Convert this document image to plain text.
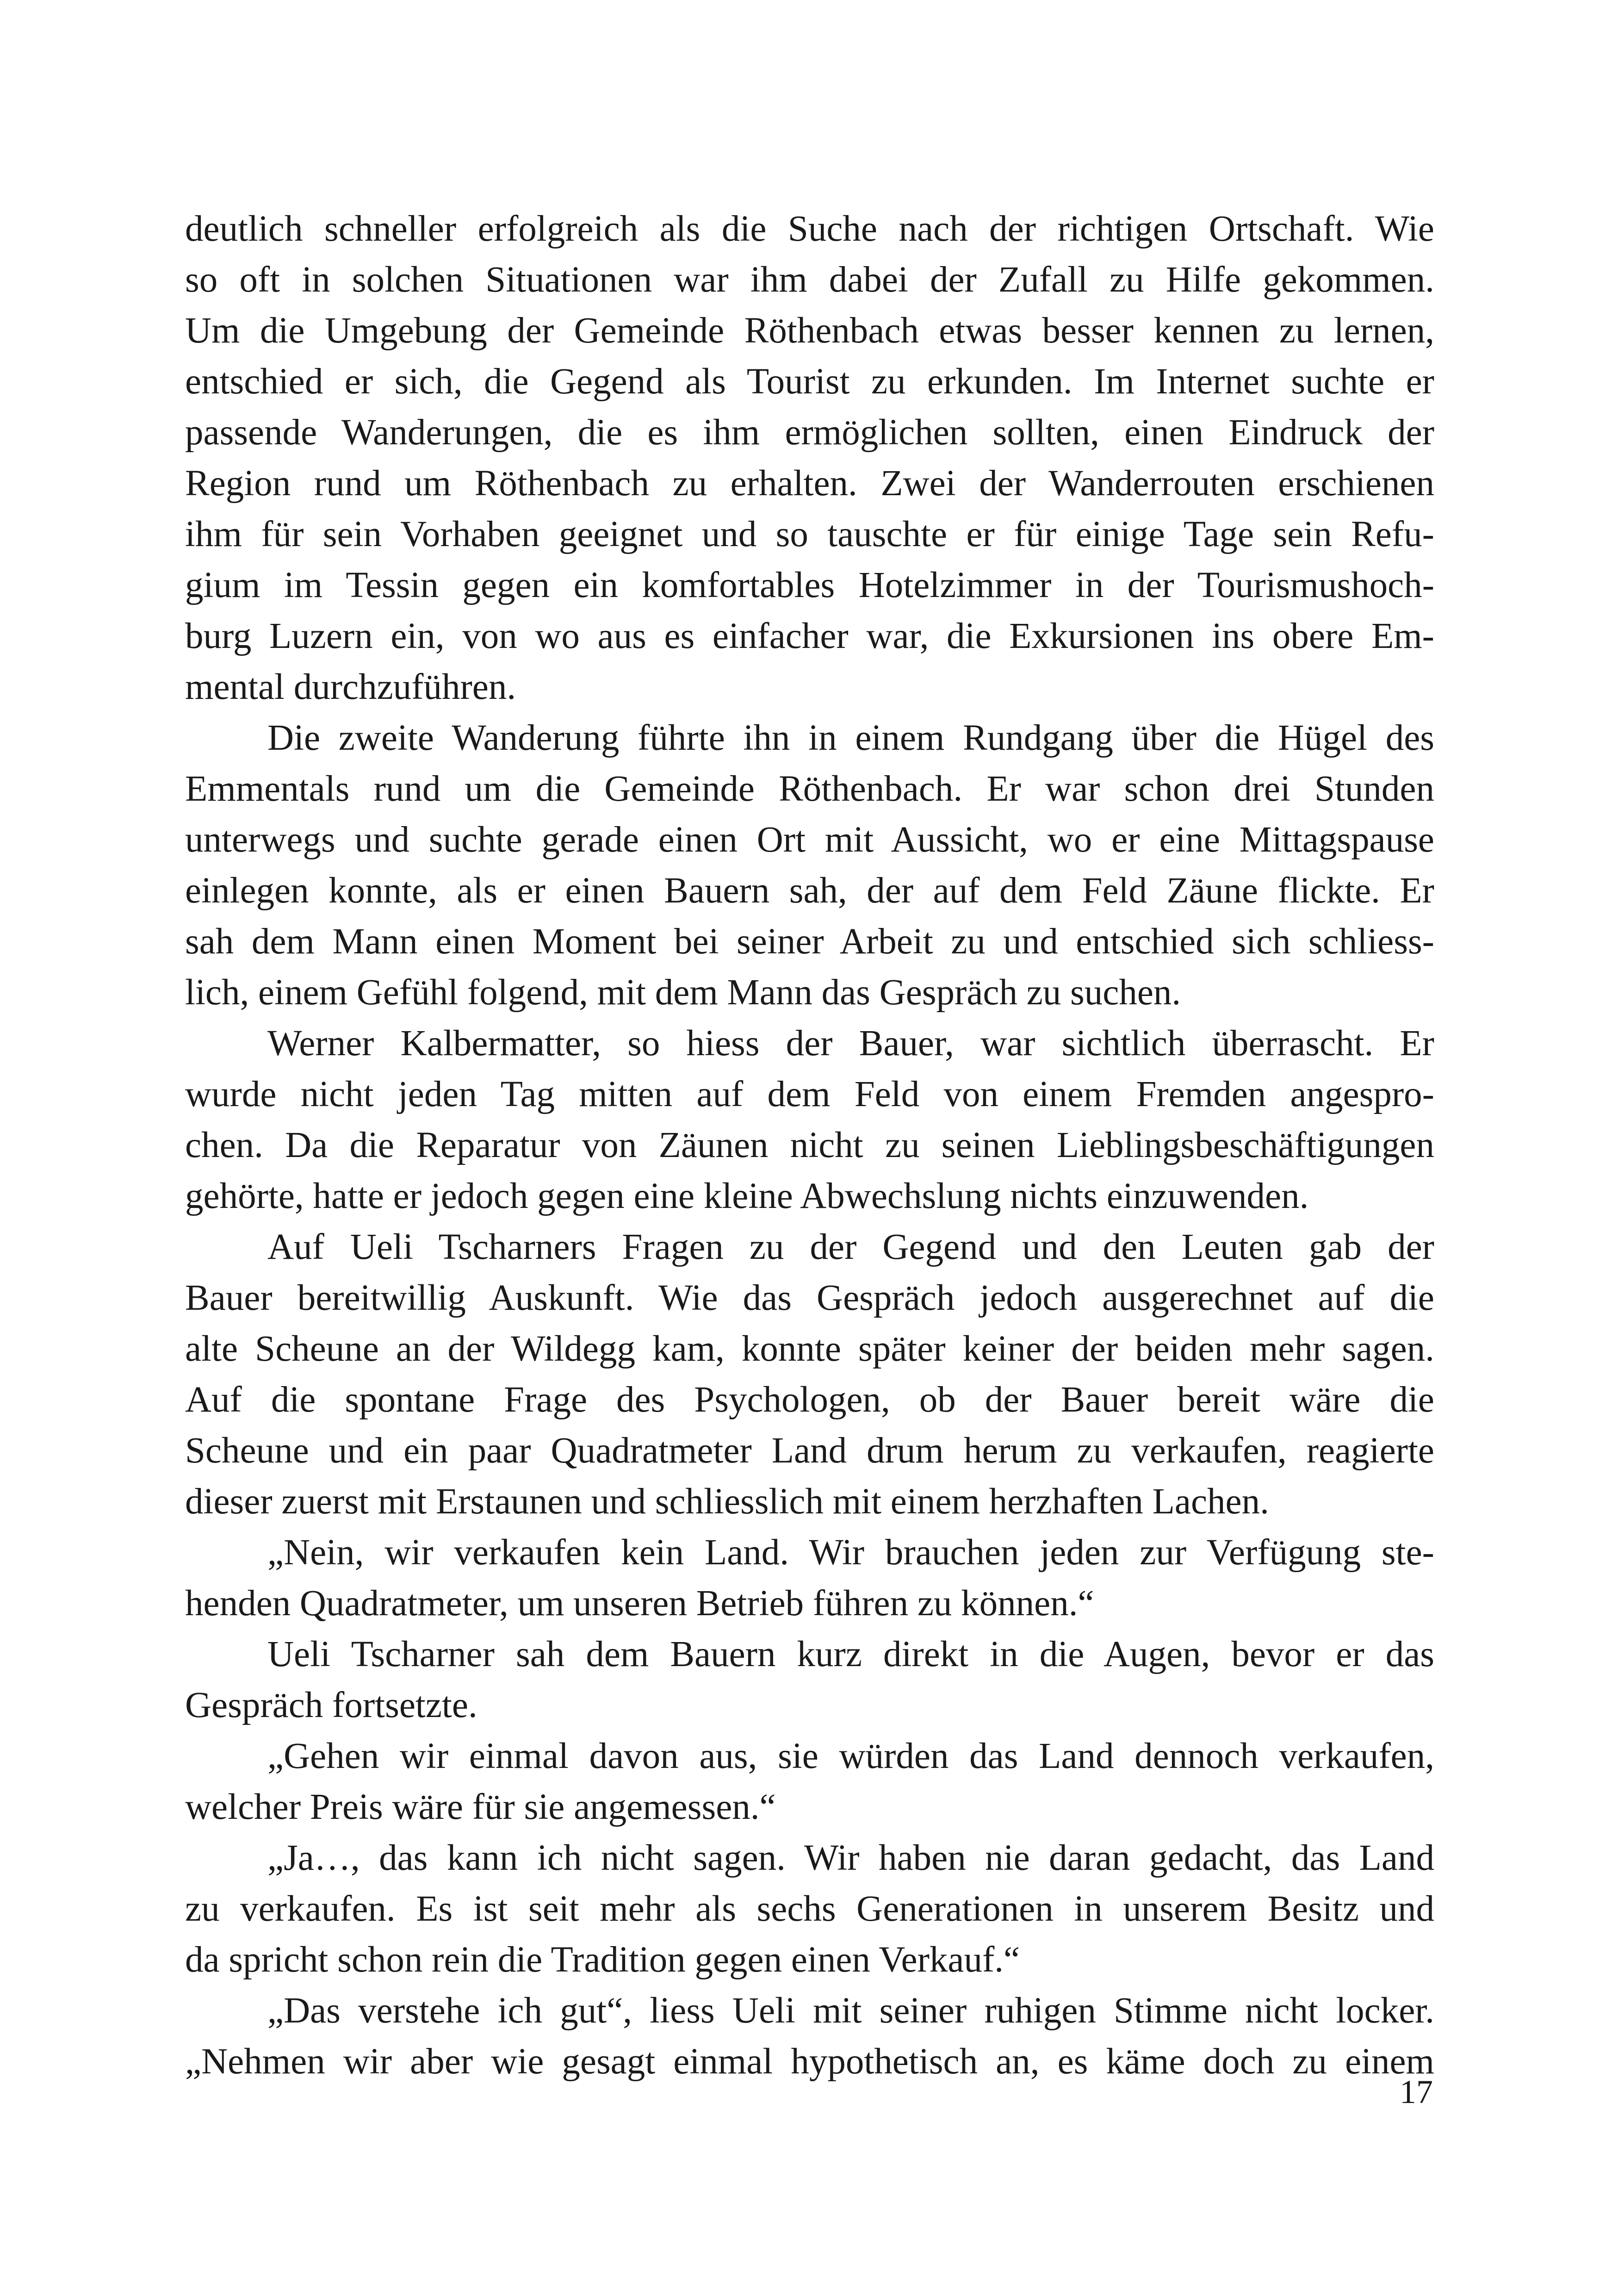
deutlich schneller erfolgreich als die Suche nach der richtigen Ortschaft. Wie
so oft in solchen Situationen war ihm dabei der Zufall zu Hilfe gekommen.
Um die Umgebung der Gemeinde Röthenbach etwas besser kennen zu lernen,
entschied er sich, die Gegend als Tourist zu erkunden. Im Internet suchte er
passende Wanderungen, die es ihm ermöglichen sollten, einen Eindruck der
Region rund um Röthenbach zu erhalten. Zwei der Wanderrouten erschienen
ihm für sein Vorhaben geeignet und so tauschte er für einige Tage sein Refu-
gium im Tessin gegen ein komfortables Hotelzimmer in der Tourismushoch-
burg Luzern ein, von wo aus es einfacher war, die Exkursionen ins obere Em-
mental durchzuführen.
Die zweite Wanderung führte ihn in einem Rundgang über die Hügel des
Emmentals rund um die Gemeinde Röthenbach. Er war schon drei Stunden
unterwegs und suchte gerade einen Ort mit Aussicht, wo er eine Mittagspause
einlegen konnte, als er einen Bauern sah, der auf dem Feld Zäune flickte. Er
sah dem Mann einen Moment bei seiner Arbeit zu und entschied sich schliess-
lich, einem Gefühl folgend, mit dem Mann das Gespräch zu suchen.
Werner Kalbermatter, so hiess der Bauer, war sichtlich überrascht. Er
wurde nicht jeden Tag mitten auf dem Feld von einem Fremden angespro-
chen. Da die Reparatur von Zäunen nicht zu seinen Lieblingsbeschäftigungen
gehörte, hatte er jedoch gegen eine kleine Abwechslung nichts einzuwenden.
Auf Ueli Tscharners Fragen zu der Gegend und den Leuten gab der
Bauer bereitwillig Auskunft. Wie das Gespräch jedoch ausgerechnet auf die
alte Scheune an der Wildegg kam, konnte später keiner der beiden mehr sagen.
Auf die spontane Frage des Psychologen, ob der Bauer bereit wäre die
Scheune und ein paar Quadratmeter Land drum herum zu verkaufen, reagierte
dieser zuerst mit Erstaunen und schliesslich mit einem herzhaften Lachen.
„Nein, wir verkaufen kein Land. Wir brauchen jeden zur Verfügung ste-
henden Quadratmeter, um unseren Betrieb führen zu können.“
Ueli Tscharner sah dem Bauern kurz direkt in die Augen, bevor er das
Gespräch fortsetzte.
„Gehen wir einmal davon aus, sie würden das Land dennoch verkaufen,
welcher Preis wäre für sie angemessen.“
„Ja…, das kann ich nicht sagen. Wir haben nie daran gedacht, das Land
zu verkaufen. Es ist seit mehr als sechs Generationen in unserem Besitz und
da spricht schon rein die Tradition gegen einen Verkauf.“
„Das verstehe ich gut“, liess Ueli mit seiner ruhigen Stimme nicht locker.
„Nehmen wir aber wie gesagt einmal hypothetisch an, es käme doch zu einem
17
